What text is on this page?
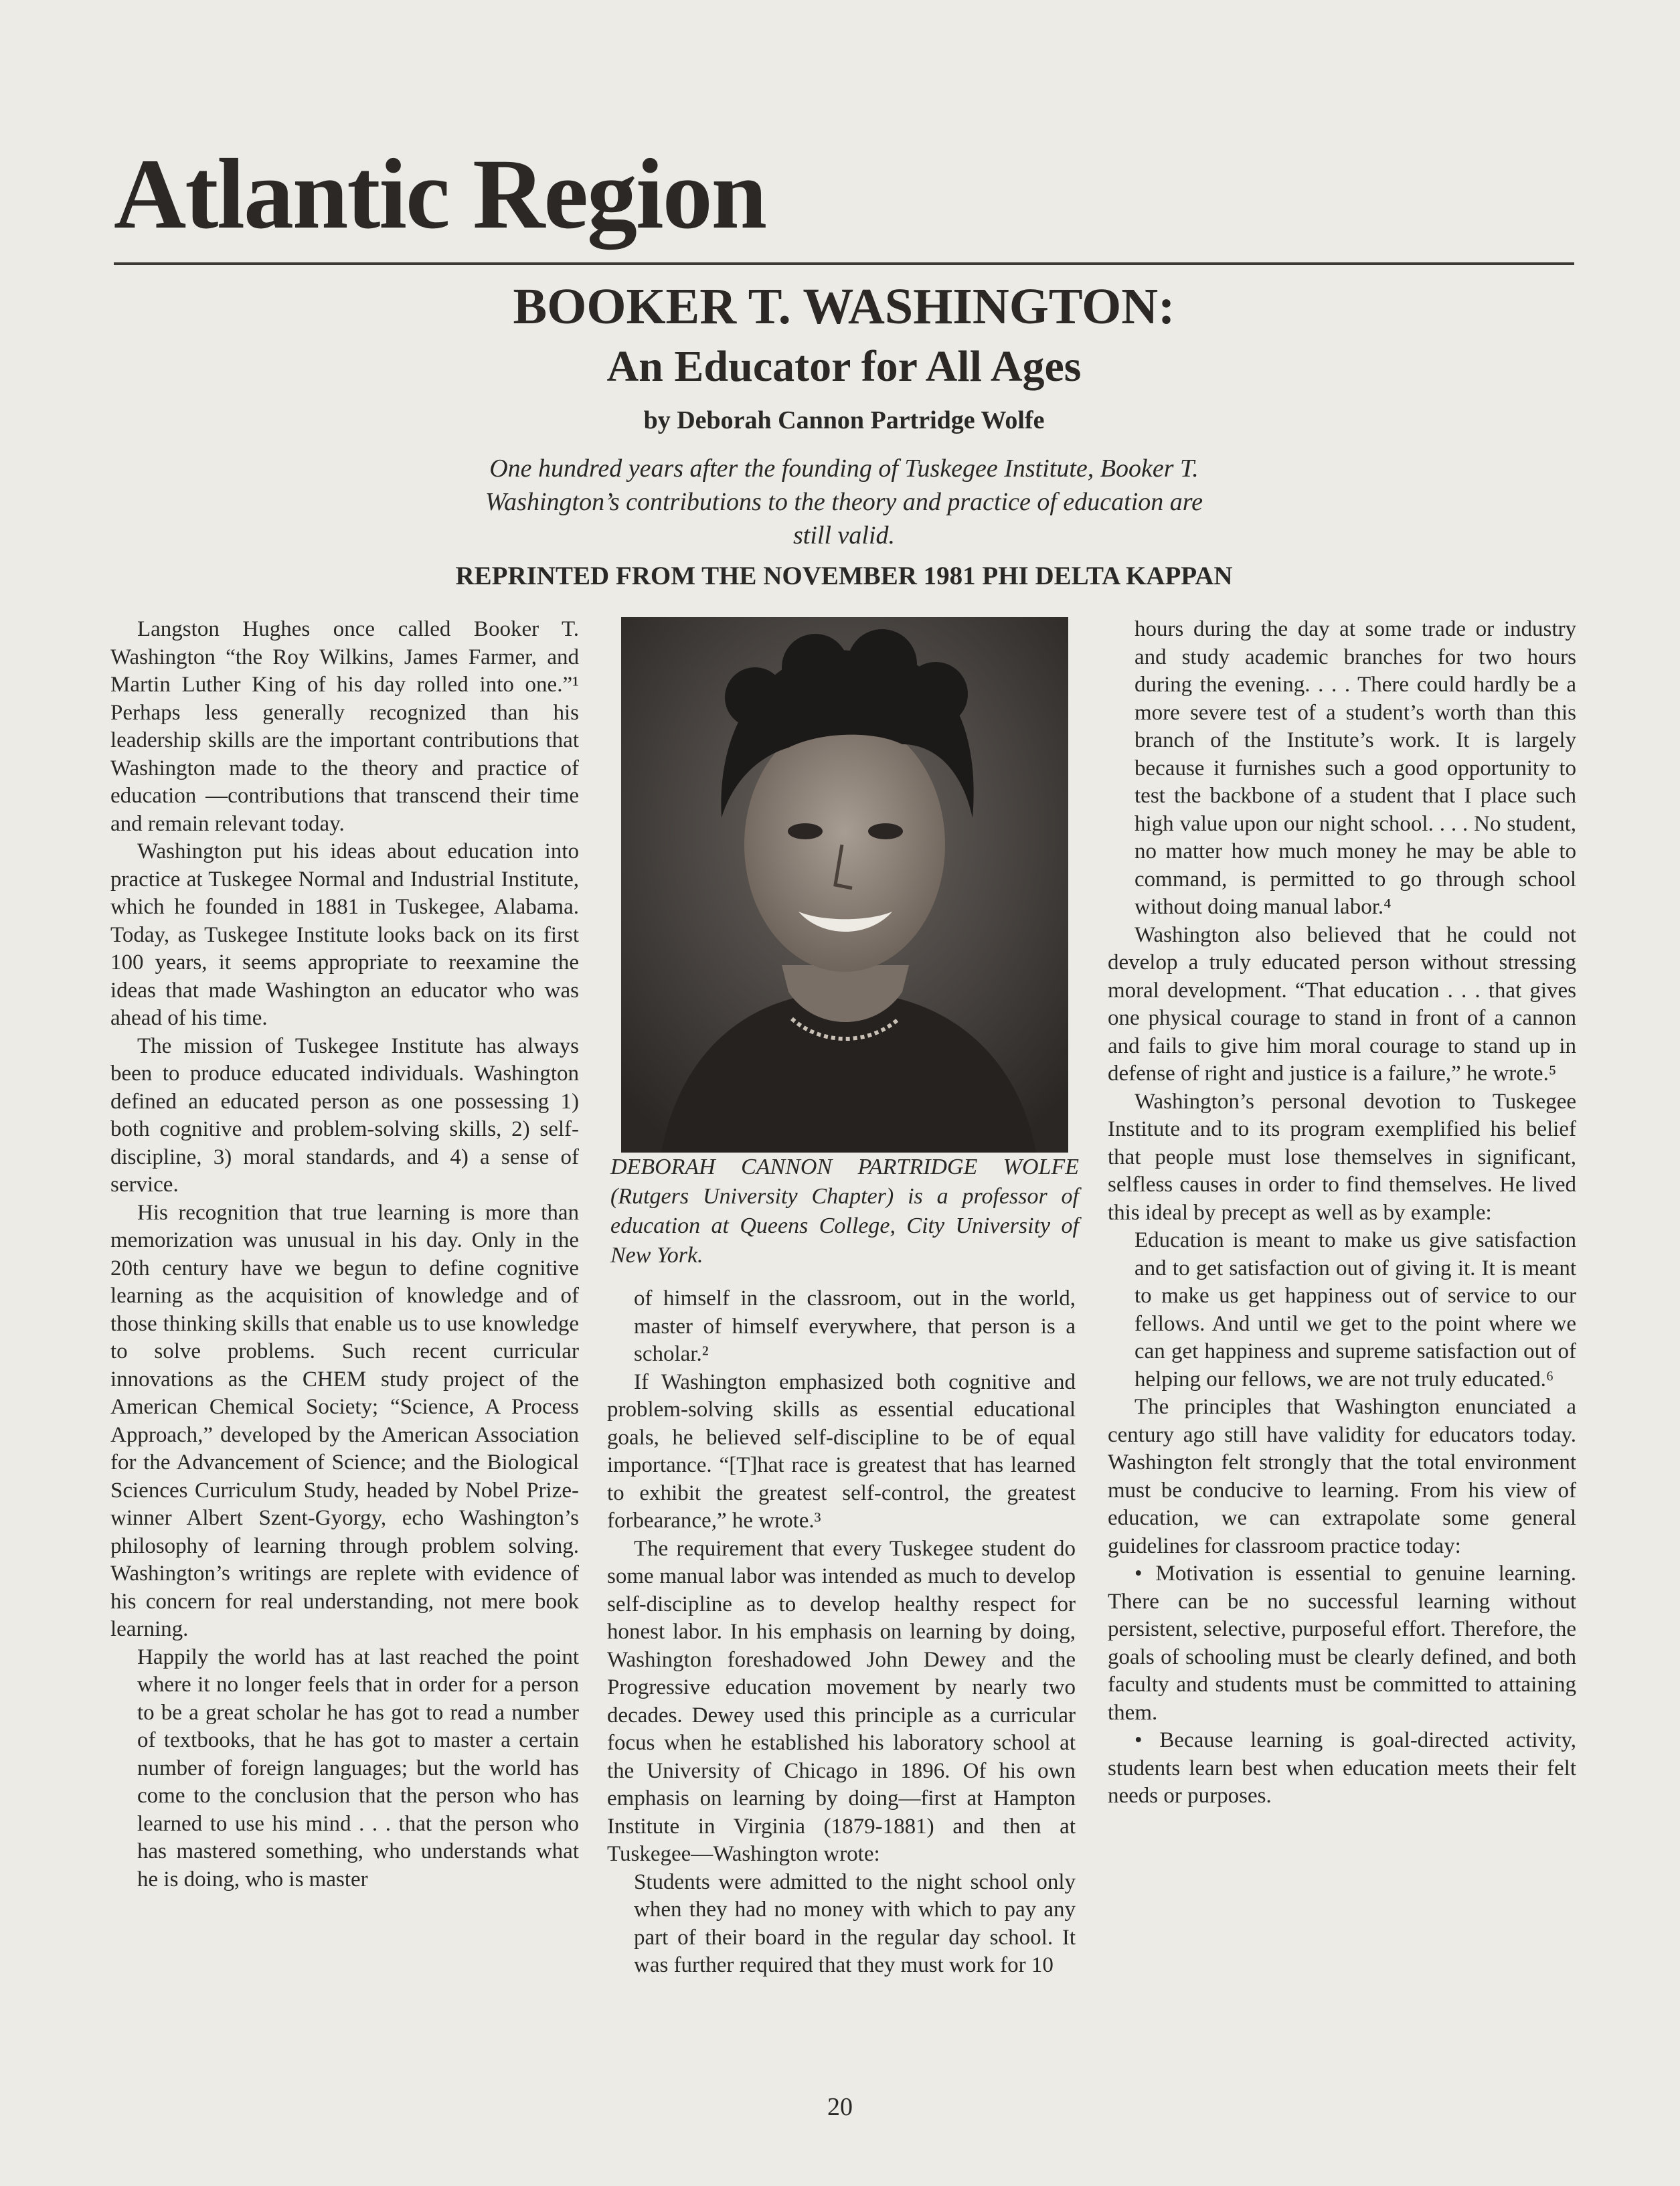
Atlantic Region
BOOKER T. WASHINGTON:
An Educator for All Ages
by Deborah Cannon Partridge Wolfe
One hundred years after the founding of Tuskegee Institute, Booker T. Washington’s contributions to the theory and practice of education are still valid.
REPRINTED FROM THE NOVEMBER 1981 PHI DELTA KAPPAN

Langston Hughes once called Booker T. Washington “the Roy Wilkins, James Farmer, and Martin Luther King of his day rolled into one.”¹ Perhaps less generally recognized than his leadership skills are the important contributions that Washington made to the theory and practice of education —contributions that transcend their time and remain relevant today.

Washington put his ideas about education into practice at Tuskegee Normal and Industrial Institute, which he founded in 1881 in Tuskegee, Alabama. Today, as Tuskegee Institute looks back on its first 100 years, it seems appropriate to reexamine the ideas that made Washington an educator who was ahead of his time.

The mission of Tuskegee Institute has always been to produce educated individuals. Washington defined an educated person as one possessing 1) both cognitive and problem-solving skills, 2) self-discipline, 3) moral standards, and 4) a sense of service.

His recognition that true learning is more than memorization was unusual in his day. Only in the 20th century have we begun to define cognitive learning as the acquisition of knowledge and of those thinking skills that enable us to use knowledge to solve problems. Such recent curricular innovations as the CHEM study project of the American Chemical Society; “Science, A Process Approach,” developed by the American Association for the Advancement of Science; and the Biological Sciences Curriculum Study, headed by Nobel Prize-winner Albert Szent-Gyorgy, echo Washington’s philosophy of learning through problem solving. Washington’s writings are replete with evidence of his concern for real understanding, not mere book learning.

Happily the world has at last reached the point where it no longer feels that in order for a person to be a great scholar he has got to read a number of textbooks, that he has got to master a certain number of foreign languages; but the world has come to the conclusion that the person who has learned to use his mind . . . that the person who has mastered something, who understands what he is doing, who is master

DEBORAH CANNON PARTRIDGE WOLFE (Rutgers University Chapter) is a professor of education at Queens College, City University of New York.

of himself in the classroom, out in the world, master of himself everywhere, that person is a scholar.²

If Washington emphasized both cognitive and problem-solving skills as essential educational goals, he believed self-discipline to be of equal importance. “[T]hat race is greatest that has learned to exhibit the greatest self-control, the greatest forbearance,” he wrote.³

The requirement that every Tuskegee student do some manual labor was intended as much to develop self-discipline as to develop healthy respect for honest labor. In his emphasis on learning by doing, Washington foreshadowed John Dewey and the Progressive education movement by nearly two decades. Dewey used this principle as a curricular focus when he established his laboratory school at the University of Chicago in 1896. Of his own emphasis on learning by doing—first at Hampton Institute in Virginia (1879-1881) and then at Tuskegee—Washington wrote:

Students were admitted to the night school only when they had no money with which to pay any part of their board in the regular day school. It was further required that they must work for 10

hours during the day at some trade or industry and study academic branches for two hours during the evening. . . . There could hardly be a more severe test of a student’s worth than this branch of the Institute’s work. It is largely because it furnishes such a good opportunity to test the backbone of a student that I place such high value upon our night school. . . . No student, no matter how much money he may be able to command, is permitted to go through school without doing manual labor.⁴

Washington also believed that he could not develop a truly educated person without stressing moral development. “That education . . . that gives one physical courage to stand in front of a cannon and fails to give him moral courage to stand up in defense of right and justice is a failure,” he wrote.⁵

Washington’s personal devotion to Tuskegee Institute and to its program exemplified his belief that people must lose themselves in significant, selfless causes in order to find themselves. He lived this ideal by precept as well as by example:

Education is meant to make us give satisfaction and to get satisfaction out of giving it. It is meant to make us get happiness out of service to our fellows. And until we get to the point where we can get happiness and supreme satisfaction out of helping our fellows, we are not truly educated.⁶

The principles that Washington enunciated a century ago still have validity for educators today. Washington felt strongly that the total environment must be conducive to learning. From his view of education, we can extrapolate some general guidelines for classroom practice today:

• Motivation is essential to genuine learning. There can be no successful learning without persistent, selective, purposeful effort. Therefore, the goals of schooling must be clearly defined, and both faculty and students must be committed to attaining them.

• Because learning is goal-directed activity, students learn best when education meets their felt needs or purposes.

20
